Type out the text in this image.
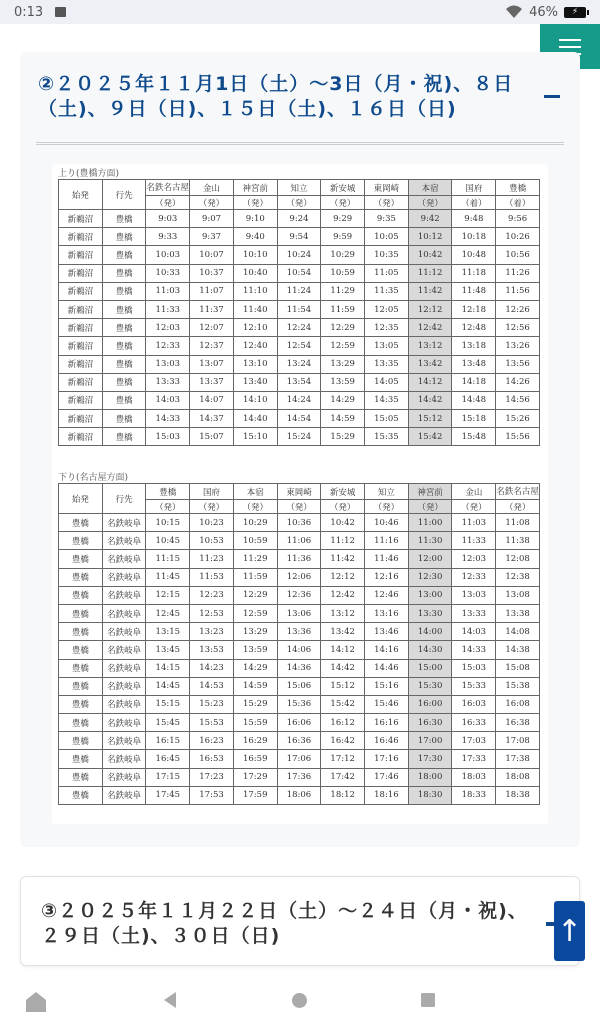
0:13	46%	⚡
②２０２５年１１月1日（土）～3日（月・祝)、８日（土)、９日（日)、１５日（土)、１６日（日)
上り(豊橋方面)
始発	行先	名鉄名古屋	金山	神宮前	知立	新安城	東岡崎	本宿	国府	豊橋
		（発）	（発）	（発）	（発）	（発）	（発）	（発）	（着）	（着）
新鵜沼	豊橋	9:03	9:07	9:10	9:24	9:29	9:35	9:42	9:48	9:56
新鵜沼	豊橋	9:33	9:37	9:40	9:54	9:59	10:05	10:12	10:18	10:26
新鵜沼	豊橋	10:03	10:07	10:10	10:24	10:29	10:35	10:42	10:48	10:56
新鵜沼	豊橋	10:33	10:37	10:40	10:54	10:59	11:05	11:12	11:18	11:26
新鵜沼	豊橋	11:03	11:07	11:10	11:24	11:29	11:35	11:42	11:48	11:56
新鵜沼	豊橋	11:33	11:37	11:40	11:54	11:59	12:05	12:12	12:18	12:26
新鵜沼	豊橋	12:03	12:07	12:10	12:24	12:29	12:35	12:42	12:48	12:56
新鵜沼	豊橋	12:33	12:37	12:40	12:54	12:59	13:05	13:12	13:18	13:26
新鵜沼	豊橋	13:03	13:07	13:10	13:24	13:29	13:35	13:42	13:48	13:56
新鵜沼	豊橋	13:33	13:37	13:40	13:54	13:59	14:05	14:12	14:18	14:26
新鵜沼	豊橋	14:03	14:07	14:10	14:24	14:29	14:35	14:42	14:48	14:56
新鵜沼	豊橋	14:33	14:37	14:40	14:54	14:59	15:05	15:12	15:18	15:26
新鵜沼	豊橋	15:03	15:07	15:10	15:24	15:29	15:35	15:42	15:48	15:56
下り(名古屋方面)
始発	行先	豊橋	国府	本宿	東岡崎	新安城	知立	神宮前	金山	名鉄名古屋
		（発）	（発）	（発）	（発）	（発）	（発）	（発）	（発）	（発）
豊橋	名鉄岐阜	10:15	10:23	10:29	10:36	10:42	10:46	11:00	11:03	11:08
豊橋	名鉄岐阜	10:45	10:53	10:59	11:06	11:12	11:16	11:30	11:33	11:38
豊橋	名鉄岐阜	11:15	11:23	11:29	11:36	11:42	11:46	12:00	12:03	12:08
豊橋	名鉄岐阜	11:45	11:53	11:59	12:06	12:12	12:16	12:30	12:33	12:38
豊橋	名鉄岐阜	12:15	12:23	12:29	12:36	12:42	12:46	13:00	13:03	13:08
豊橋	名鉄岐阜	12:45	12:53	12:59	13:06	13:12	13:16	13:30	13:33	13:38
豊橋	名鉄岐阜	13:15	13:23	13:29	13:36	13:42	13:46	14:00	14:03	14:08
豊橋	名鉄岐阜	13:45	13:53	13:59	14:06	14:12	14:16	14:30	14:33	14:38
豊橋	名鉄岐阜	14:15	14:23	14:29	14:36	14:42	14:46	15:00	15:03	15:08
豊橋	名鉄岐阜	14:45	14:53	14:59	15:06	15:12	15:16	15:30	15:33	15:38
豊橋	名鉄岐阜	15:15	15:23	15:29	15:36	15:42	15:46	16:00	16:03	16:08
豊橋	名鉄岐阜	15:45	15:53	15:59	16:06	16:12	16:16	16:30	16:33	16:38
豊橋	名鉄岐阜	16:15	16:23	16:29	16:36	16:42	16:46	17:00	17:03	17:08
豊橋	名鉄岐阜	16:45	16:53	16:59	17:06	17:12	17:16	17:30	17:33	17:38
豊橋	名鉄岐阜	17:15	17:23	17:29	17:36	17:42	17:46	18:00	18:03	18:08
豊橋	名鉄岐阜	17:45	17:53	17:59	18:06	18:12	18:16	18:30	18:33	18:38
③２０２５年１１月２２日（土）～２４日（月・祝)、２９日（土)、３０日（日)	↑
